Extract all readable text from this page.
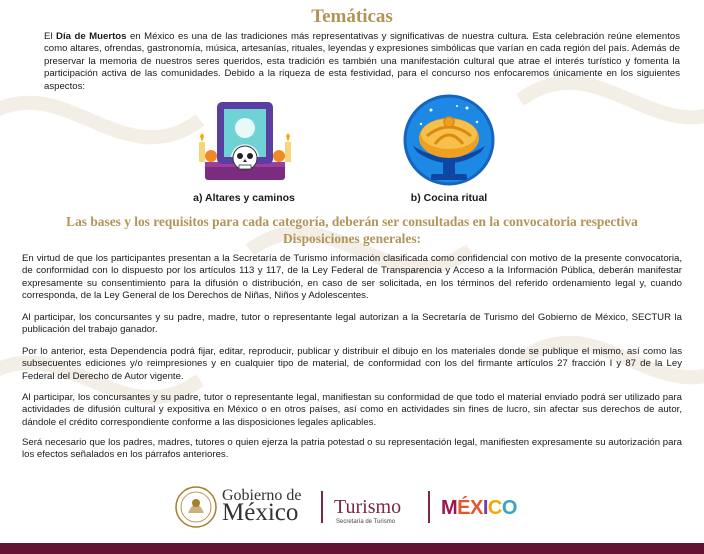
Temáticas

El Día de Muertos en México es una de las tradiciones más representativas y significativas de nuestra cultura. Esta celebración reúne elementos como altares, ofrendas, gastronomía, música, artesanías, rituales, leyendas y expresiones simbólicas que varían en cada región del país. Además de preservar la memoria de nuestros seres queridos, esta tradición es también una manifestación cultural que atrae el interés turístico y fomenta la participación activa de las comunidades. Debido a la riqueza de esta festividad, para el concurso nos enfocaremos únicamente en los siguientes aspectos:

a) Altares y caminos	b) Cocina ritual
Las bases y los requisitos para cada categoría, deberán ser consultadas en la convocatoria respectiva
Disposiciones generales:

En virtud de que los participantes presentan a la Secretaría de Turismo información clasificada como confidencial con motivo de la presente convocatoria, de conformidad con lo dispuesto por los artículos 113 y 117, de la Ley Federal de Transparencia y Acceso a la Información Pública, deberán manifestar expresamente su consentimiento para la difusión o distribución, en caso de ser solicitada, en los términos del referido ordenamiento legal y, cuando corresponda, de la Ley General de los Derechos de Niñas, Niños y Adolescentes.

Al participar, los concursantes y su padre, madre, tutor o representante legal autorizan a la Secretaría de Turismo del Gobierno de México, SECTUR la publicación del trabajo ganador.

Por lo anterior, esta Dependencia podrá fijar, editar, reproducir, publicar y distribuir el dibujo en los materiales donde se publique el mismo, así como las subsecuentes ediciones y/o reimpresiones y en cualquier tipo de material, de conformidad con los del firmante artículos 27 fracción I y 87 de la Ley Federal del Derecho de Autor vigente.

Al participar, los concursantes y su padre, tutor o representante legal, manifiestan su conformidad de que todo el material enviado podrá ser utilizado para actividades de difusión cultural y expositiva en México o en otros países, así como en actividades sin fines de lucro, sin afectar sus derechos de autor, dándole el crédito correspondiente conforme a las disposiciones legales aplicables.

Será necesario que los padres, madres, tutores o quien ejerza la patria potestad o su representación legal, manifiesten expresamente su autorización para los efectos señalados en los párrafos anteriores.

Gobierno de
México Turismo
Secretaría de Turismo
MÉXICO
